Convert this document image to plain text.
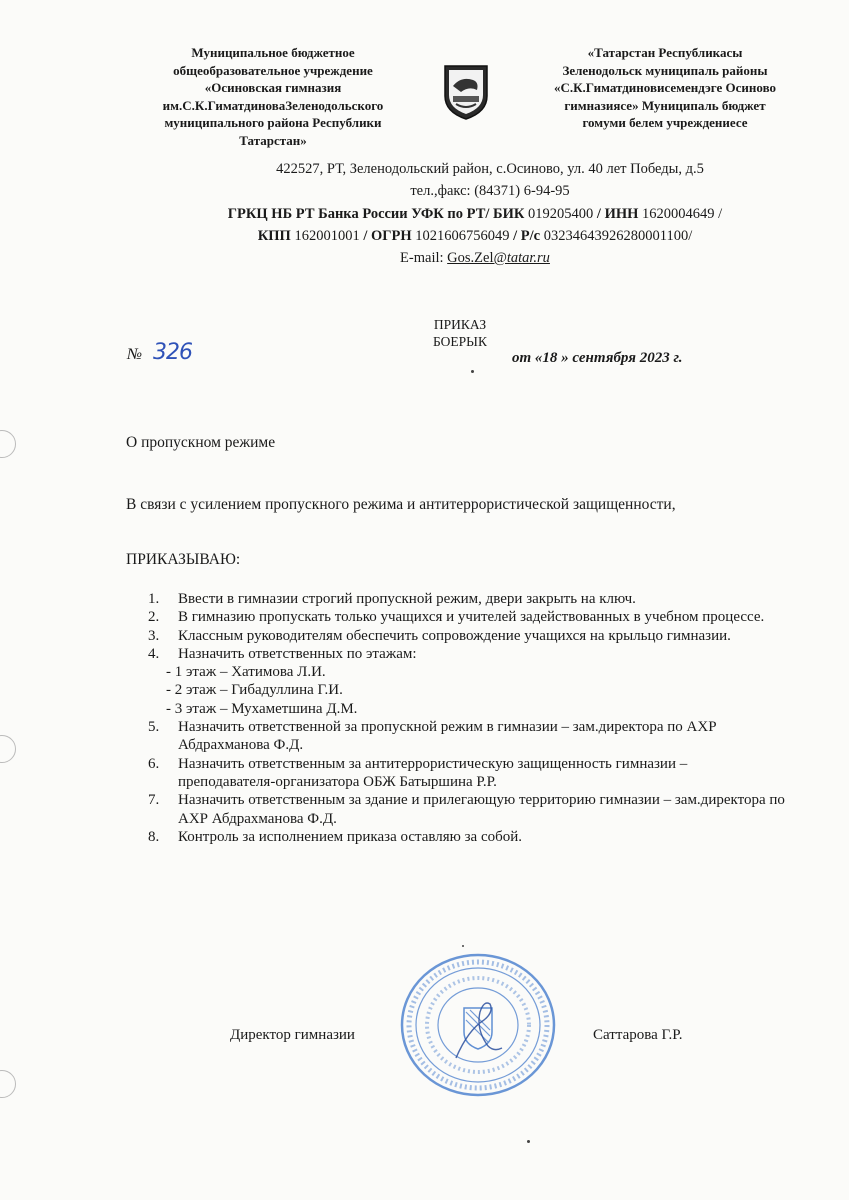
Муниципальное бюджетное
общеобразовательное учреждение
«Осиновская гимназия
им.С.К.ГиматдиноваЗеленодольского
муниципального района Республики
Татарстан»
«Татарстан Республикасы
Зеленодольск муниципаль районы
«С.К.Гиматдиновисемендэге Осиново
гимназиясе» Муниципаль бюджет
гомуми белем учреждениесе
422527, РТ, Зеленодольский район, с.Осиново, ул. 40 лет Победы, д.5
тел.,факс: (84371) 6-94-95
ГРКЦ НБ РТ Банка России УФК по РТ/ БИК 019205400 / ИНН 1620004649 /
КПП 162001001 / ОГРН 1021606756049 / Р/с 03234643926280001100/
E-mail: Gos.Zel@tatar.ru
ПРИКАЗ
БОЕРЫК
№ 326	от «18 » сентября 2023 г.
О пропускном режиме
В связи с усилением пропускного режима и антитеррористической защищенности,
ПРИКАЗЫВАЮ:
1. Ввести в гимназии строгий пропускной режим, двери закрыть на ключ.
2. В гимназию пропускать только учащихся и учителей задействованных в учебном процессе.
3. Классным руководителям обеспечить сопровождение учащихся на крыльцо гимназии.
4. Назначить ответственных по этажам:
- 1 этаж – Хатимова Л.И.
- 2 этаж – Гибадуллина Г.И.
- 3 этаж – Мухаметшина Д.М.
5. Назначить ответственной за пропускной режим в гимназии – зам.директора по АХР Абдрахманова Ф.Д.
6. Назначить ответственным за антитеррористическую защищенность гимназии – преподавателя-организатора ОБЖ Батыршина Р.Р.
7. Назначить ответственным за здание и прилегающую территорию гимназии – зам.директора по АХР Абдрахманова Ф.Д.
8. Контроль за исполнением приказа оставляю за собой.
Директор гимназии	Саттарова Г.Р.
